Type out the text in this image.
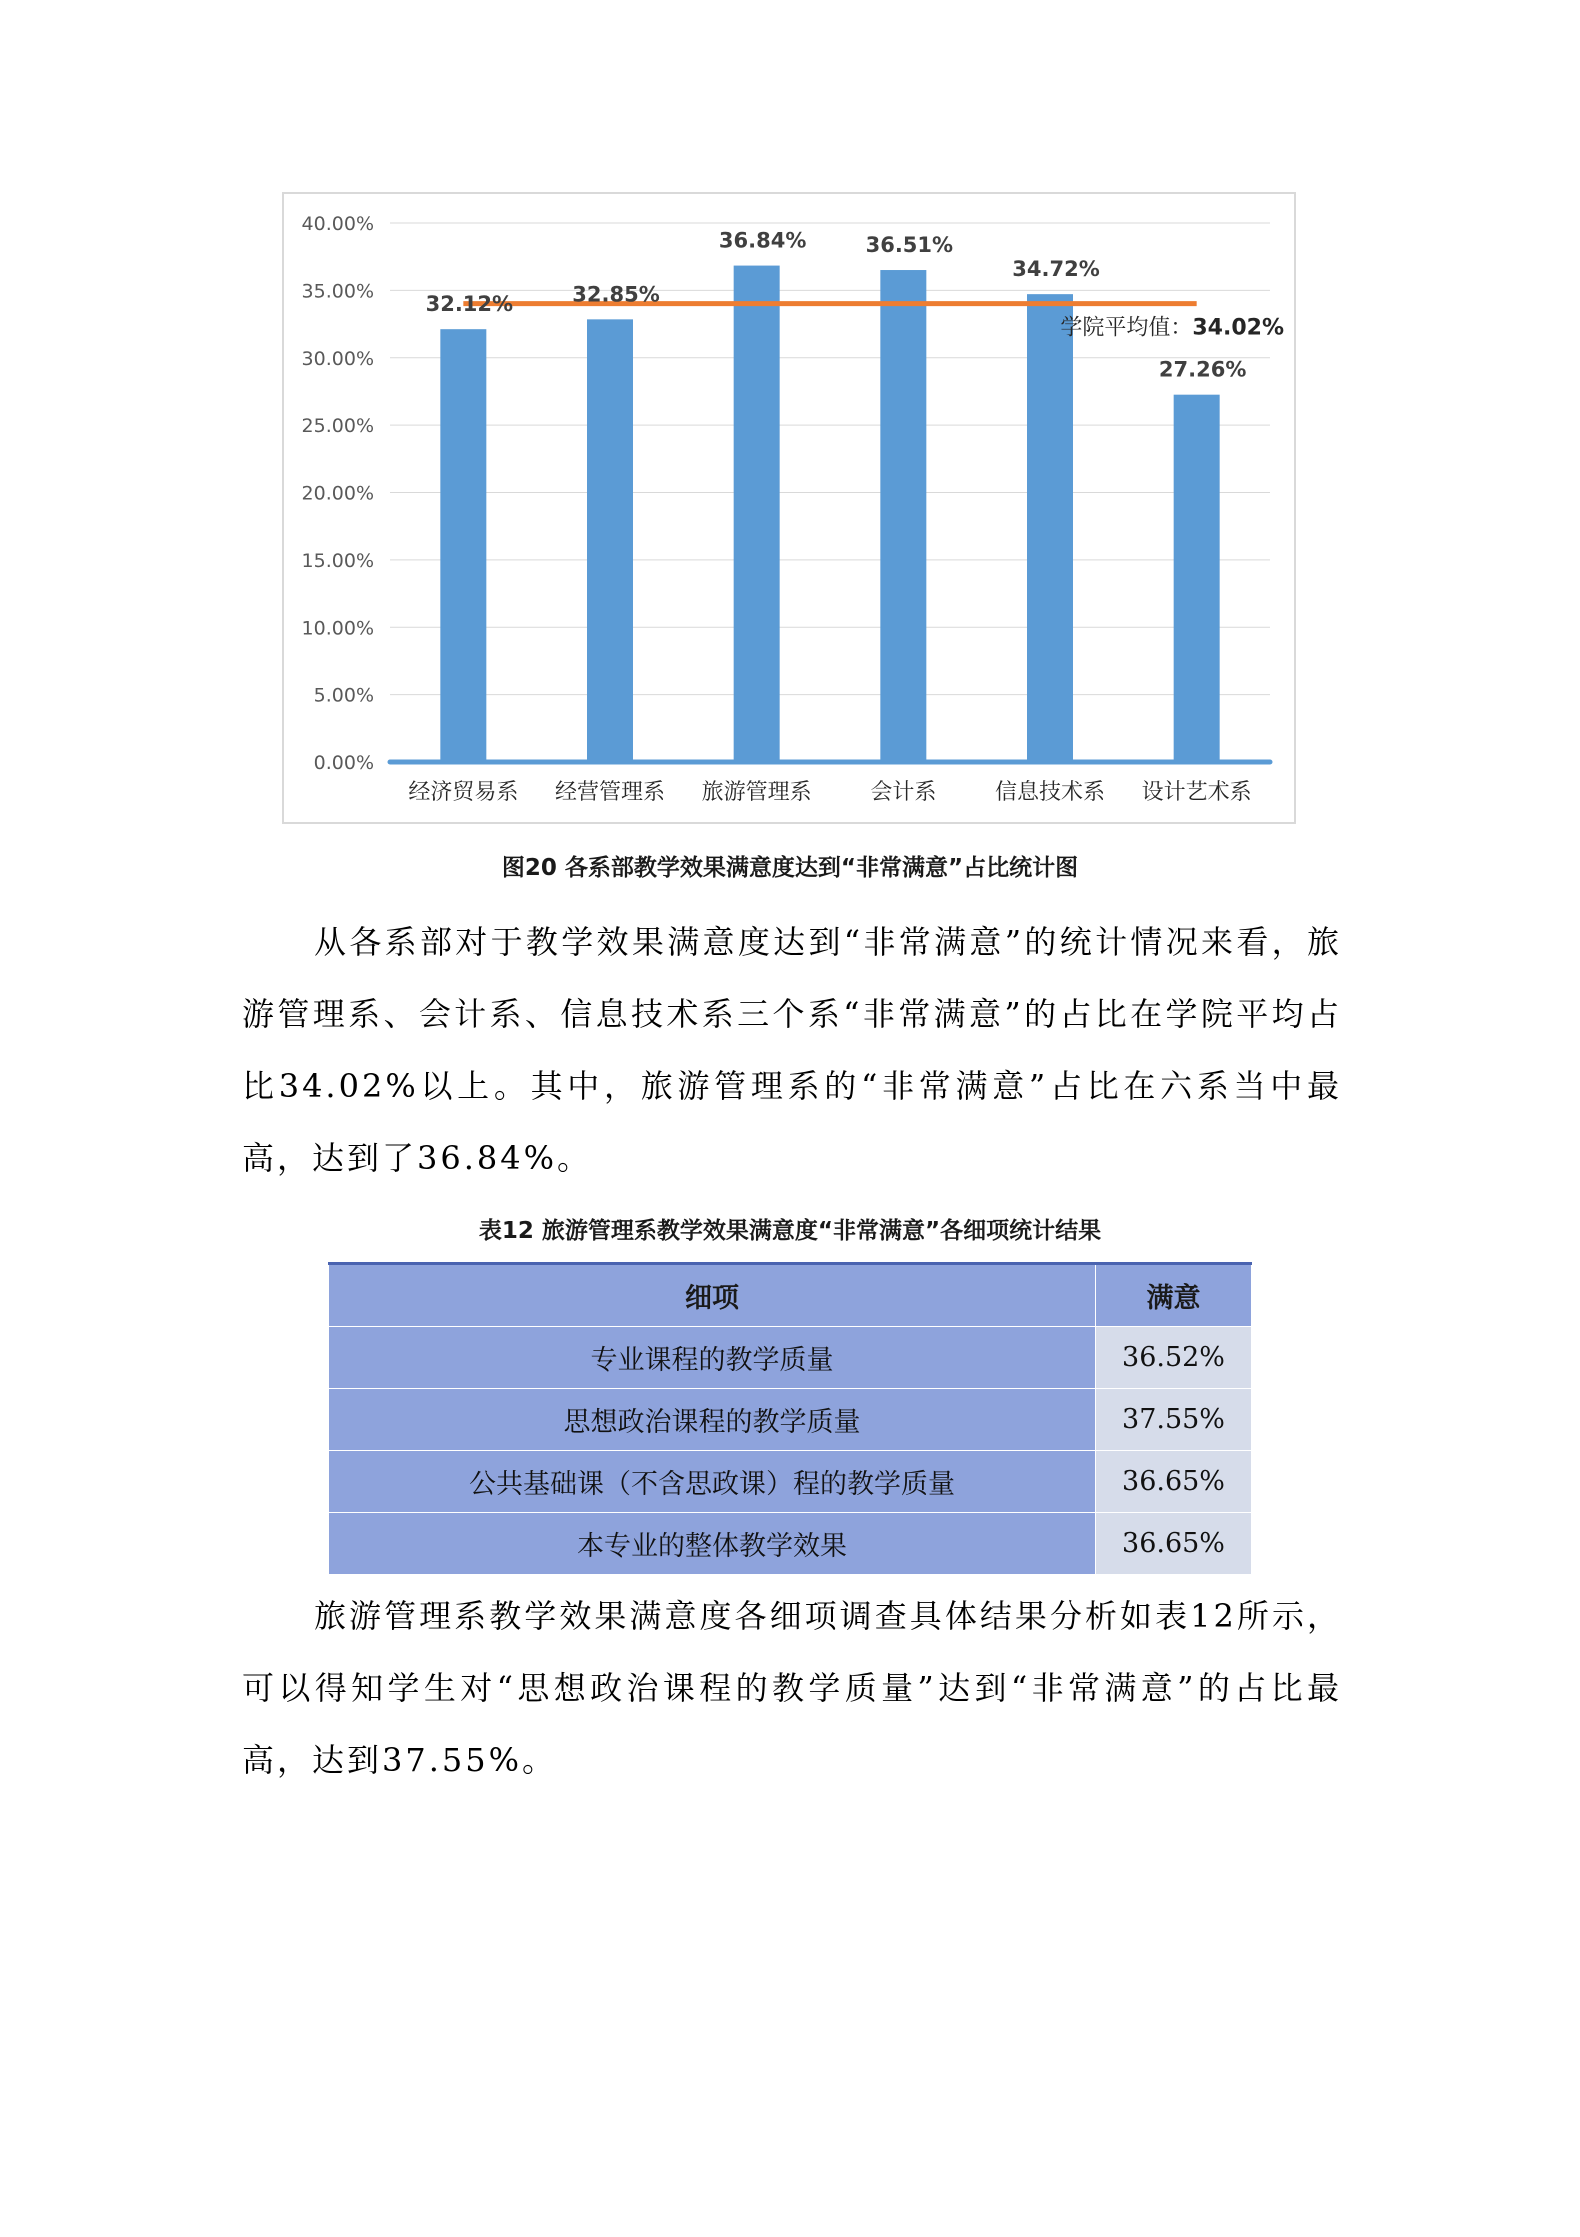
0.00%
5.00%
10.00%
15.00%
20.00%
25.00%
30.00%
35.00%
40.00%
32.12%	32.85%
36.84%	36.51%
34.72%
27.26%
经济贸易系 经营管理系 旅游管理系	会计系	信息技术系 设计艺术系
学院平均值：34.02%
图20 各系部教学效果满意度达到“非常满意”占比统计图

从各系部对于教学效果满意度达到“非常满意”的统计情况来看，旅游管理系、会计系、信息技术系三个系“非常满意”的占比在学院平均占比34.02%以上。其中，旅游管理系的“非常满意”占比在六系当中最高，达到了36.84%。

表12 旅游管理系教学效果满意度“非常满意”各细项统计结果
细项	满意
专业课程的教学质量	36.52%
思想政治课程的教学质量	37.55%
公共基础课（不含思政课）程的教学质量	36.65%
本专业的整体教学效果	36.65%

旅游管理系教学效果满意度各细项调查具体结果分析如表12所示，可以得知学生对“思想政治课程的教学质量”达到“非常满意”的占比最高，达到37.55%。
